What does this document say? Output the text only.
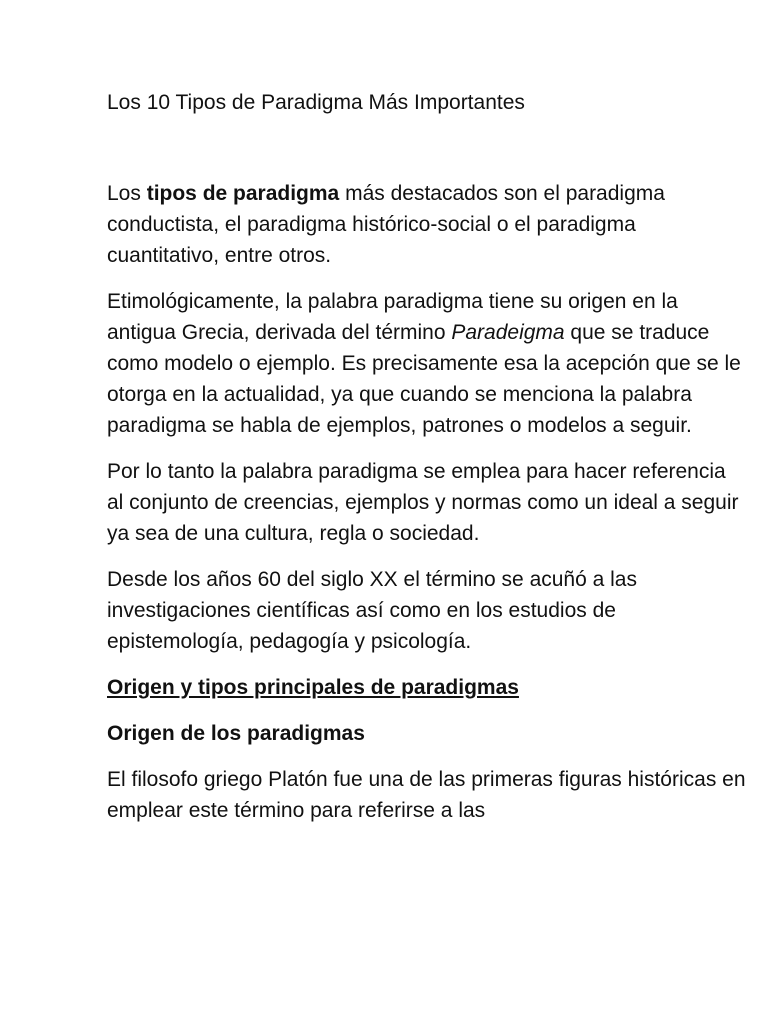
Los 10 Tipos de Paradigma Más Importantes

Los tipos de paradigma más destacados son el paradigma conductista, el paradigma histórico-social o el paradigma cuantitativo, entre otros.

Etimológicamente, la palabra paradigma tiene su origen en la antigua Grecia, derivada del término Paradeigma que se traduce como modelo o ejemplo. Es precisamente esa la acepción que se le otorga en la actualidad, ya que cuando se menciona la palabra paradigma se habla de ejemplos, patrones o modelos a seguir.

Por lo tanto la palabra paradigma se emplea para hacer referencia al conjunto de creencias, ejemplos y normas como un ideal a seguir ya sea de una cultura, regla o sociedad.

Desde los años 60 del siglo XX el término se acuñó a las investigaciones científicas así como en los estudios de epistemología, pedagogía y psicología.

Origen y tipos principales de paradigmas
Origen de los paradigmas

El filosofo griego Platón fue una de las primeras figuras históricas en emplear este término para referirse a las
